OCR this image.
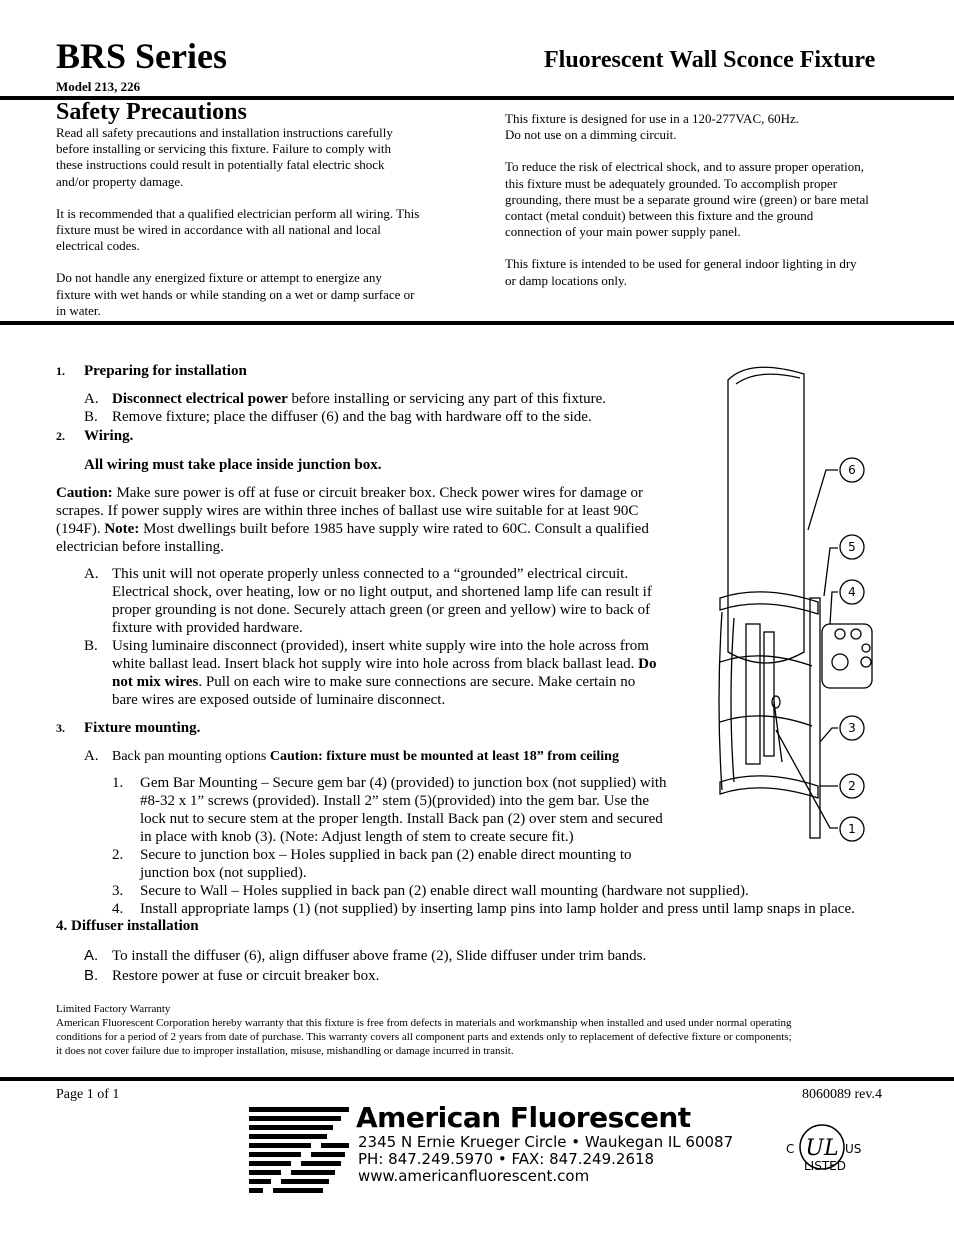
BRS Series	Fluorescent Wall Sconce Fixture
Model 213, 226
Safety Precautions
Read all safety precautions and installation instructions carefully
before installing or servicing this fixture. Failure to comply with
these instructions could result in potentially fatal electric shock
and/or property damage.
It is recommended that a qualified electrician perform all wiring. This
fixture must be wired in accordance with all national and local
electrical codes.
Do not handle any energized fixture or attempt to energize any
fixture with wet hands or while standing on a wet or damp surface or
in water.
This fixture is designed for use in a 120-277VAC, 60Hz.
Do not use on a dimming circuit.
To reduce the risk of electrical shock, and to assure proper operation,
this fixture must be adequately grounded. To accomplish proper
grounding, there must be a separate ground wire (green) or bare metal
contact (metal conduit) between this fixture and the ground
connection of your main power supply panel.
This fixture is intended to be used for general indoor lighting in dry
or damp locations only.
1. Preparing for installation
A. Disconnect electrical power before installing or servicing any part of this fixture.
B. Remove fixture; place the diffuser (6) and the bag with hardware off to the side.
2. Wiring.
All wiring must take place inside junction box.
Caution: Make sure power is off at fuse or circuit breaker box. Check power wires for damage or
scrapes. If power supply wires are within three inches of ballast use wire suitable for at least 90C
(194F). Note: Most dwellings built before 1985 have supply wire rated to 60C. Consult a qualified
electrician before installing.
A. This unit will not operate properly unless connected to a “grounded” electrical circuit.
Electrical shock, over heating, low or no light output, and shortened lamp life can result if
proper grounding is not done. Securely attach green (or green and yellow) wire to back of
fixture with provided hardware.
B. Using luminaire disconnect (provided), insert white supply wire into the hole across from
white ballast lead. Insert black hot supply wire into hole across from black ballast lead. Do
not mix wires. Pull on each wire to make sure connections are secure. Make certain no
bare wires are exposed outside of luminaire disconnect.
3. Fixture mounting.
A. Back pan mounting options Caution: fixture must be mounted at least 18” from ceiling
1. Gem Bar Mounting – Secure gem bar (4) (provided) to junction box (not supplied) with
#8-32 x 1” screws (provided). Install 2” stem (5)(provided) into the gem bar. Use the
lock nut to secure stem at the proper length. Install Back pan (2) over stem and secured
in place with knob (3). (Note: Adjust length of stem to create secure fit.)
2. Secure to junction box – Holes supplied in back pan (2) enable direct mounting to
junction box (not supplied).
3. Secure to Wall – Holes supplied in back pan (2) enable direct wall mounting (hardware not supplied).
4. Install appropriate lamps (1) (not supplied) by inserting lamp pins into lamp holder and press until lamp snaps in place.
4. Diffuser installation
A. To install the diffuser (6), align diffuser above frame (2), Slide diffuser under trim bands.
B. Restore power at fuse or circuit breaker box.
Limited Factory Warranty
American Fluorescent Corporation hereby warranty that this fixture is free from defects in materials and workmanship when installed and used under normal operating
conditions for a period of 2 years from date of purchase. This warranty covers all component parts and extends only to replacement of defective fixture or components;
it does not cover failure due to improper installation, misuse, mishandling or damage incurred in transit.
Page 1 of 1	8060089 rev.4
American Fluorescent
2345 N Ernie Krueger Circle • Waukegan IL 60087
PH: 847.249.5970 • FAX: 847.249.2618
www.americanfluorescent.com
UL
C	US
LISTED
6
5
4
3
2
1
